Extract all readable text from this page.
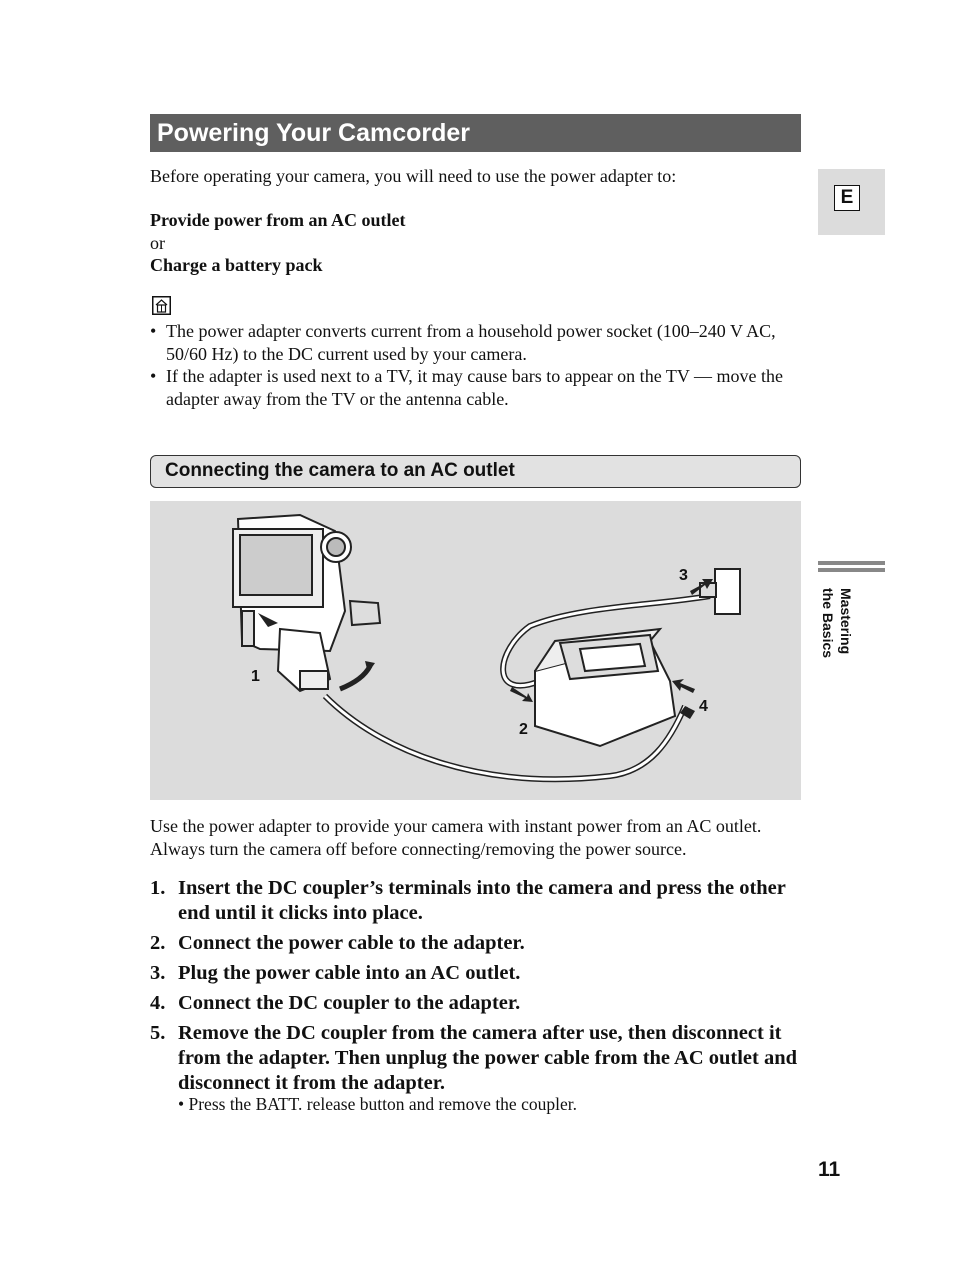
Powering Your Camcorder
E
Mastering
the Basics
Before operating your camera, you will need to use the power adapter to:
Provide power from an AC outlet
or
Charge a battery pack
• The power adapter converts current from a household power socket (100–240 V AC, 50/60 Hz) to the DC current used by your camera.
• If the adapter is used next to a TV, it may cause bars to appear on the TV — move the adapter away from the TV or the antenna cable.
Connecting the camera to an AC outlet
1
2
3
4
Use the power adapter to provide your camera with instant power from an AC outlet. Always turn the camera off before connecting/removing the power source.
1. Insert the DC coupler’s terminals into the camera and press the other end until it clicks into place.
2. Connect the power cable to the adapter.
3. Plug the power cable into an AC outlet.
4. Connect the DC coupler to the adapter.
5. Remove the DC coupler from the camera after use, then disconnect it from the adapter. Then unplug the power cable from the AC outlet and disconnect it from the adapter.
• Press the BATT. release button and remove the coupler.
11
